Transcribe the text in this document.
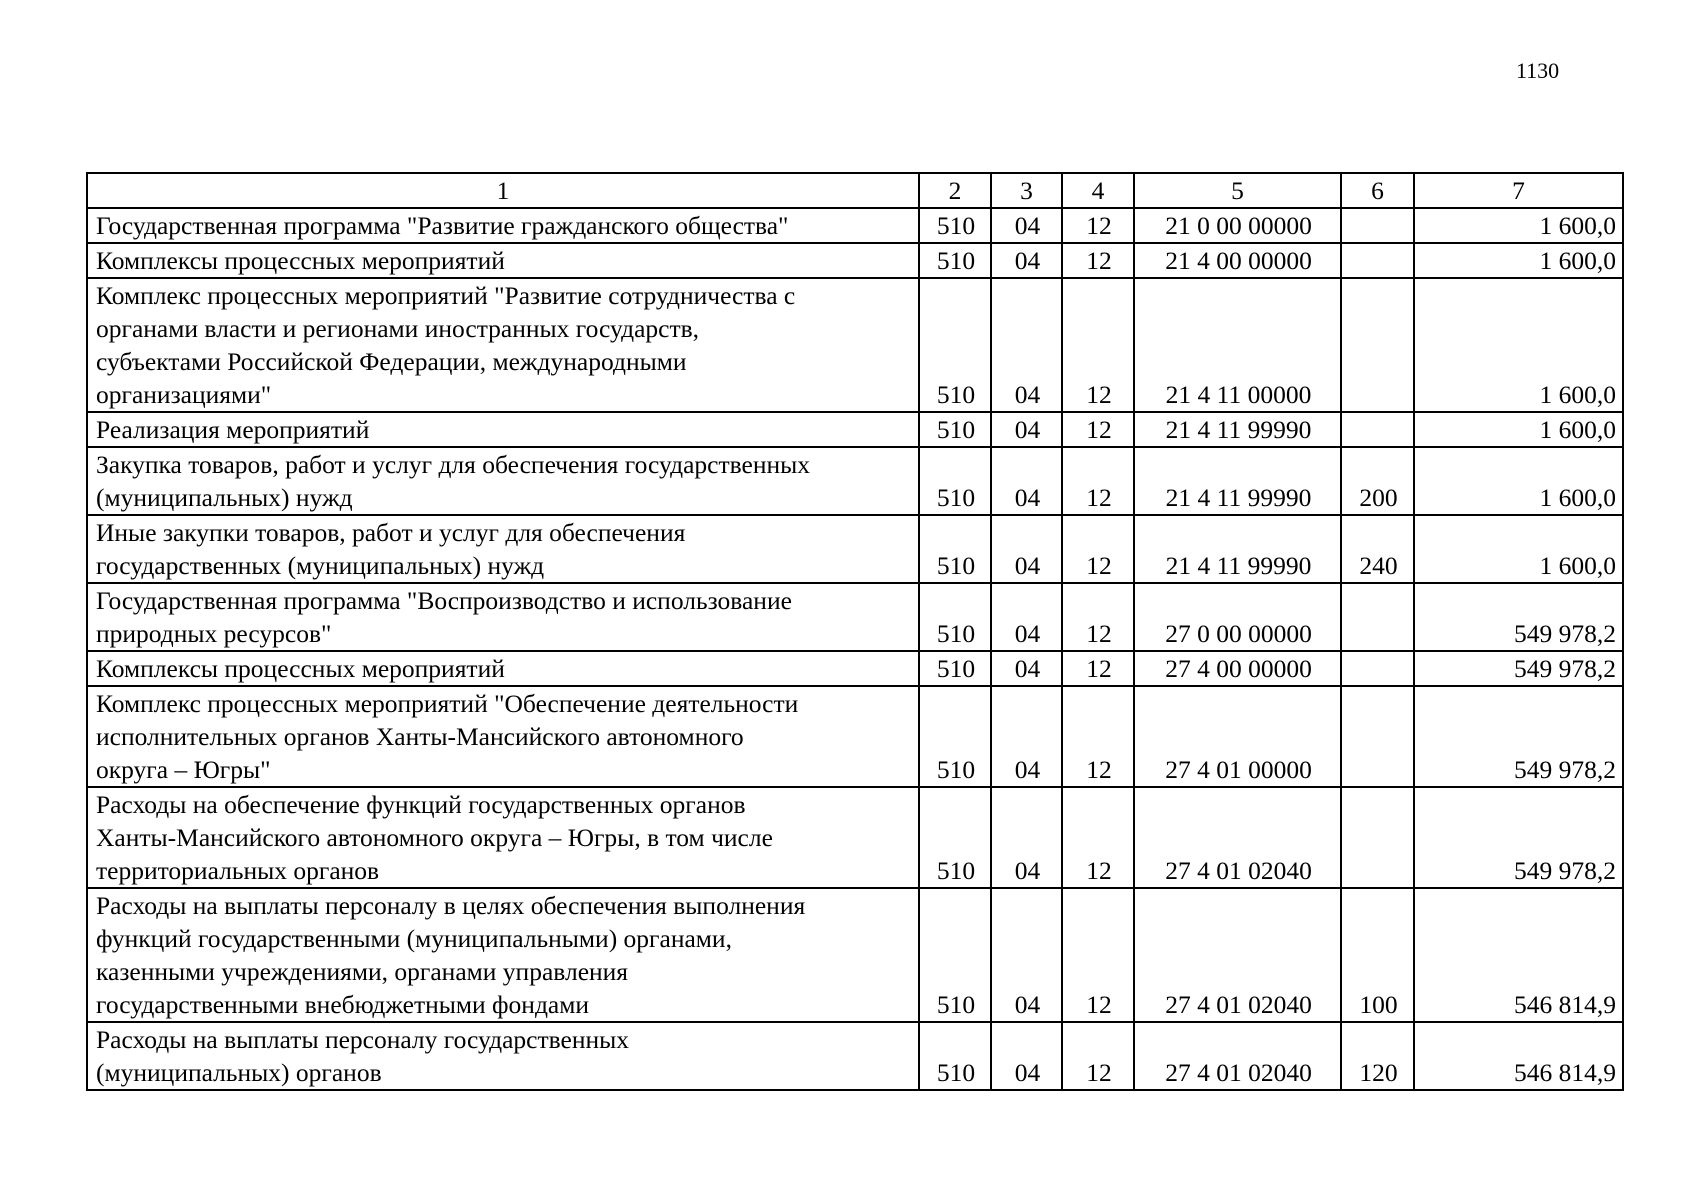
1130
1	2	3	4	5	6	7
Государственная программа "Развитие гражданского общества"	510	04	12	21 0 00 00000		1 600,0
Комплексы процессных мероприятий	510	04	12	21 4 00 00000		1 600,0
Комплекс процессных мероприятий "Развитие сотрудничества с
органами власти и регионами иностранных государств,
субъектами Российской Федерации, международными
организациями"	510	04	12	21 4 11 00000		1 600,0
Реализация мероприятий	510	04	12	21 4 11 99990		1 600,0
Закупка товаров, работ и услуг для обеспечения государственных
(муниципальных) нужд	510	04	12	21 4 11 99990	200	1 600,0
Иные закупки товаров, работ и услуг для обеспечения
государственных (муниципальных) нужд	510	04	12	21 4 11 99990	240	1 600,0
Государственная программа "Воспроизводство и использование
природных ресурсов"	510	04	12	27 0 00 00000		549 978,2
Комплексы процессных мероприятий	510	04	12	27 4 00 00000		549 978,2
Комплекс процессных мероприятий "Обеспечение деятельности
исполнительных органов Ханты-Мансийского автономного
округа – Югры"	510	04	12	27 4 01 00000		549 978,2
Расходы на обеспечение функций государственных органов
Ханты-Мансийского автономного округа – Югры, в том числе
территориальных органов	510	04	12	27 4 01 02040		549 978,2
Расходы на выплаты персоналу в целях обеспечения выполнения
функций государственными (муниципальными) органами,
казенными учреждениями, органами управления
государственными внебюджетными фондами	510	04	12	27 4 01 02040	100	546 814,9
Расходы на выплаты персоналу государственных
(муниципальных) органов	510	04	12	27 4 01 02040	120	546 814,9
